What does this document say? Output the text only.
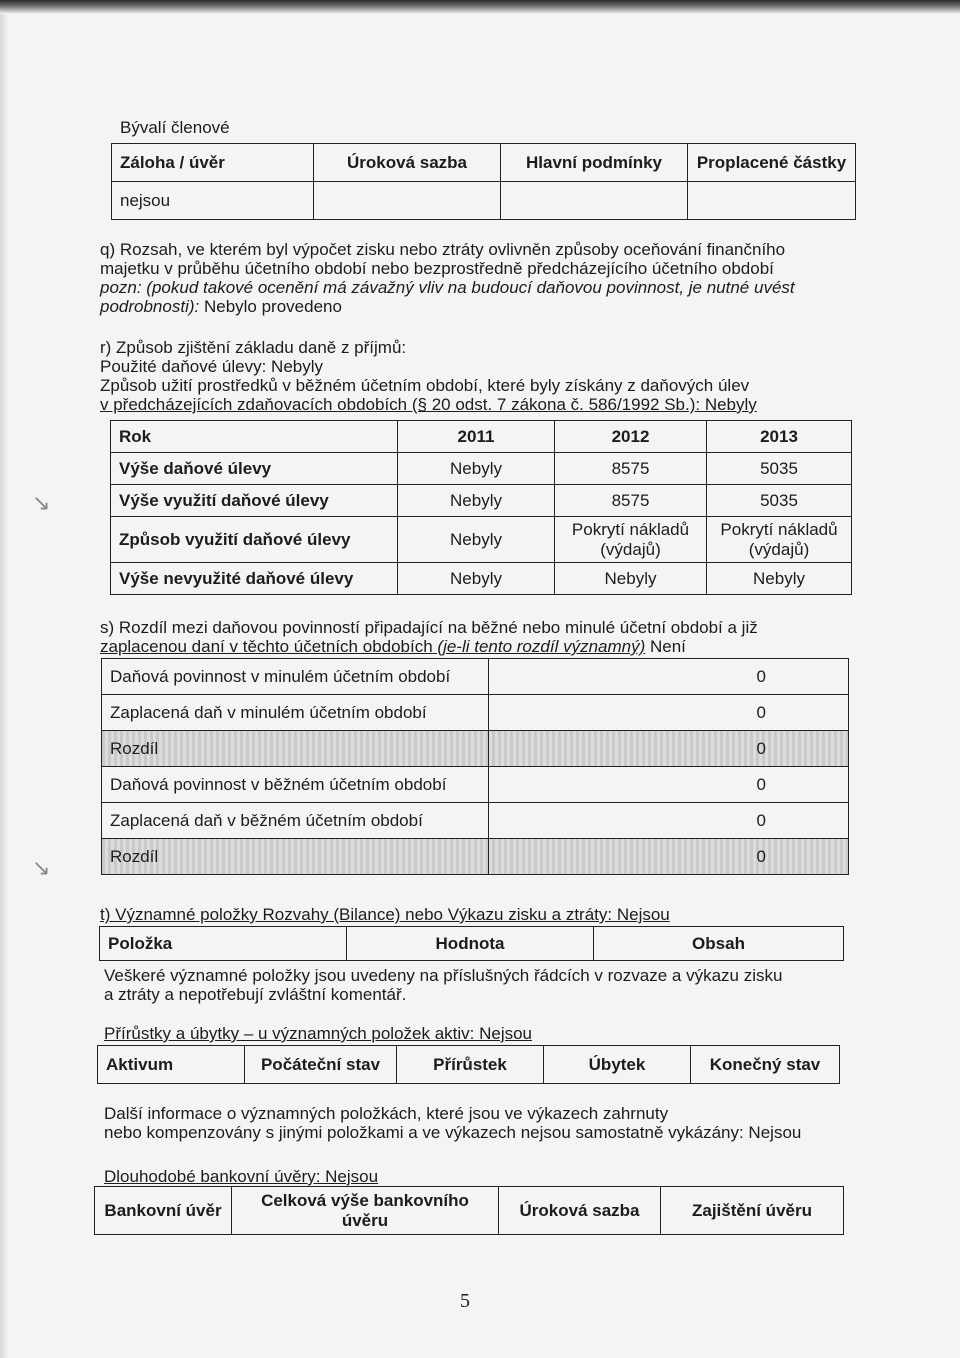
↘
↘

Bývalí členové

Záloha / úvěr	Úroková sazba	Hlavní podmínky	Proplacené částky
nejsou			

q) Rozsah, ve kterém byl výpočet zisku nebo ztráty ovlivněn způsoby oceňování finančního

majetku v průběhu účetního období nebo bezprostředně předcházejícího účetního období

pozn: (pokud takové ocenění má závažný vliv na budoucí daňovou povinnost, je nutné uvést

podrobnosti): Nebylo provedeno

r) Způsob zjištění základu daně z příjmů:

Použité daňové úlevy: Nebyly

Způsob užití prostředků v běžném účetním období, které byly získány z daňových úlev

v předcházejících zdaňovacích obdobích (§ 20 odst. 7 zákona č. 586/1992 Sb.): Nebyly

Rok	2011	2012	2013
Výše daňové úlevy	Nebyly	8575	5035
Výše využití daňové úlevy	Nebyly	8575	5035
Způsob využití daňové úlevy	Nebyly	Pokrytí nákladů (výdajů)	Pokrytí nákladů (výdajů)
Výše nevyužité daňové úlevy	Nebyly	Nebyly	Nebyly

s) Rozdíl mezi daňovou povinností připadající na běžné nebo minulé účetní období a již

zaplacenou daní v těchto účetních obdobích (je-li tento rozdíl významný) Není

Daňová povinnost v minulém účetním období	0
Zaplacená daň v minulém účetním období	0
Rozdíl	0
Daňová povinnost v běžném účetním období	0
Zaplacená daň v běžném účetním období	0
Rozdíl	0

t) Významné položky Rozvahy (Bilance) nebo Výkazu zisku a ztráty: Nejsou

Položka	Hodnota	Obsah

Veškeré významné položky jsou uvedeny na příslušných řádcích v rozvaze a výkazu zisku

a ztráty a nepotřebují zvláštní komentář.

Přírůstky a úbytky – u významných položek aktiv: Nejsou

Aktivum	Počáteční stav	Přírůstek	Úbytek	Konečný stav

Další informace o významných položkách, které jsou ve výkazech zahrnuty

nebo kompenzovány s jinými položkami a ve výkazech nejsou samostatně vykázány: Nejsou

Dlouhodobé bankovní úvěry: Nejsou

Bankovní úvěr	Celková výše bankovního úvěru	Úroková sazba	Zajištění úvěru
5
